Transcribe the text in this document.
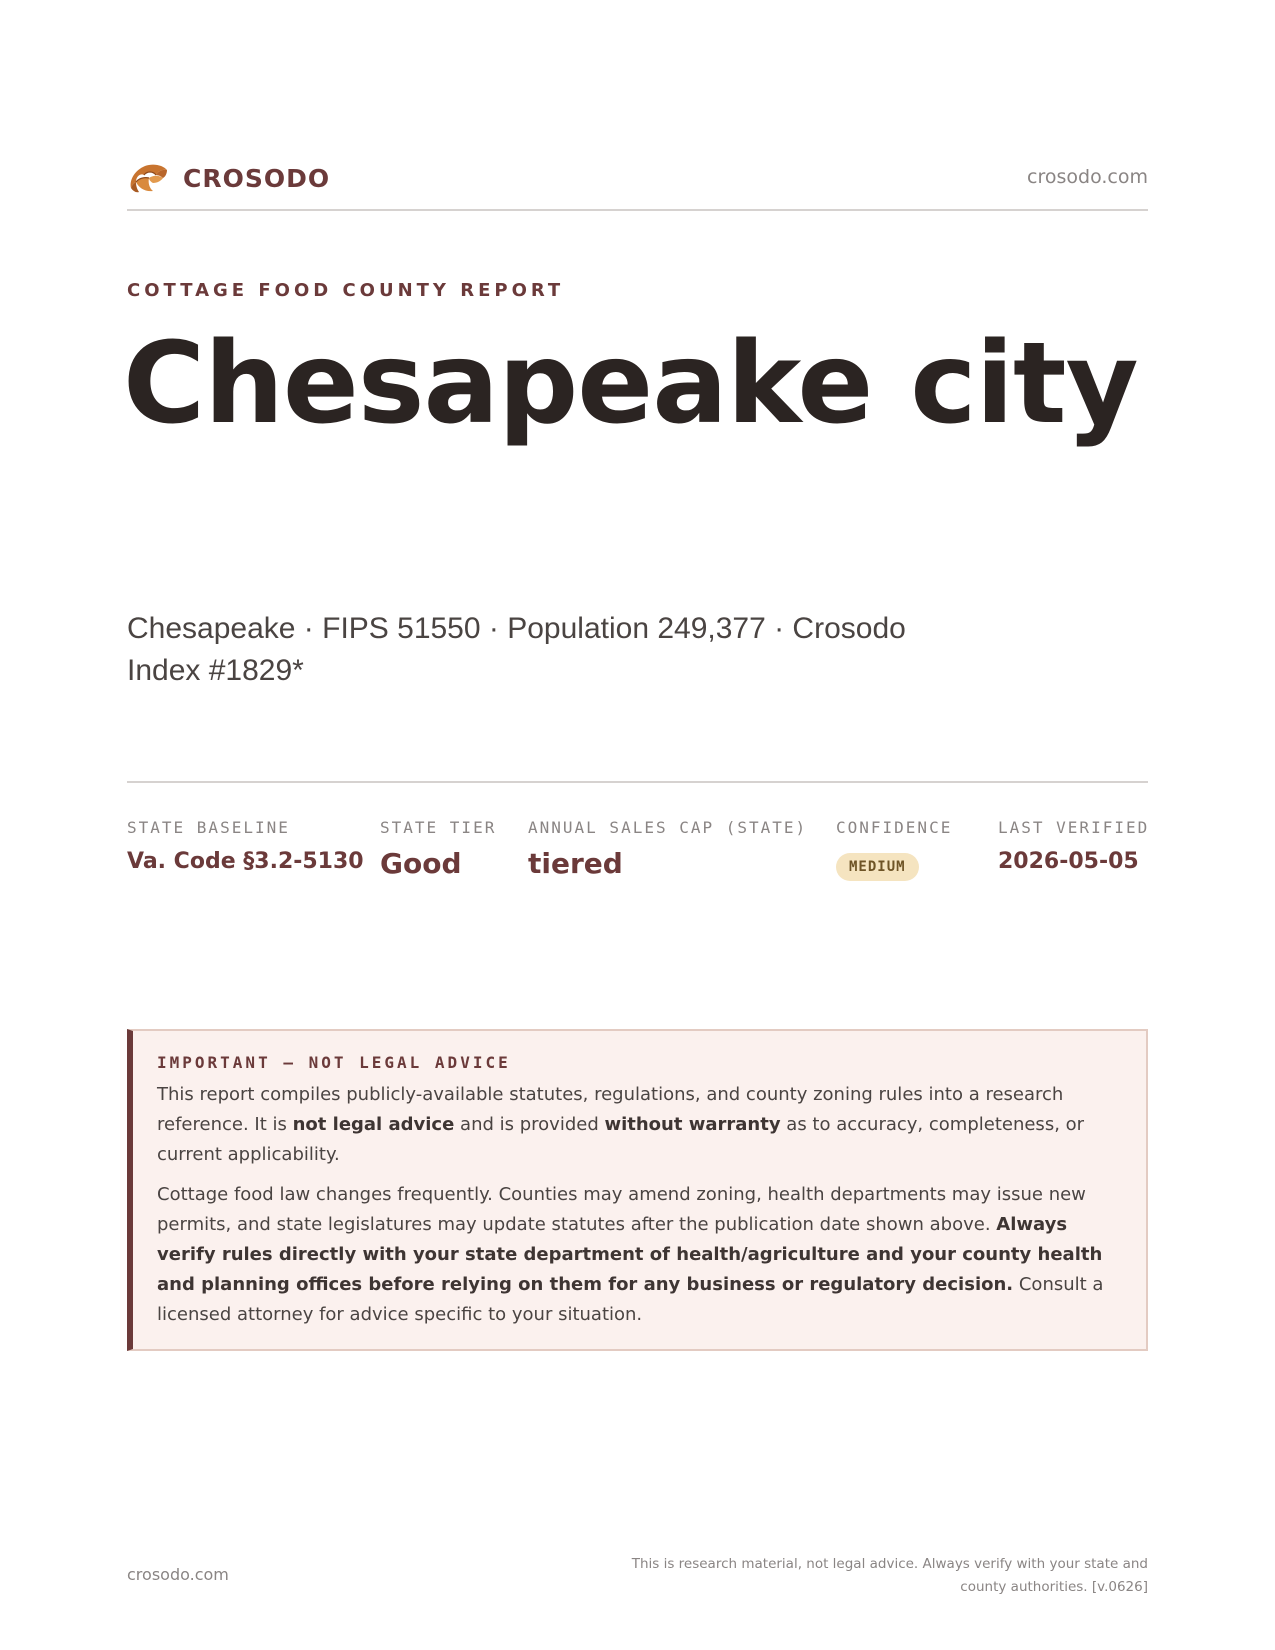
CROSODO	crosodo.com
COTTAGE FOOD COUNTY REPORT
Chesapeake city
Chesapeake · FIPS 51550 · Population 249,377 · Crosodo Index #1829*
STATE BASELINE
Va. Code §3.2-5130
STATE TIER
Good
ANNUAL SALES CAP (STATE)
tiered
CONFIDENCE
MEDIUM
LAST VERIFIED
2026-05-05
IMPORTANT — NOT LEGAL ADVICE

This report compiles publicly-available statutes, regulations, and county zoning rules into a research reference. It is not legal advice and is provided without warranty as to accuracy, completeness, or current applicability.

Cottage food law changes frequently. Counties may amend zoning, health departments may issue new permits, and state legislatures may update statutes after the publication date shown above. Always verify rules directly with your state department of health/agriculture and your county health and planning offices before relying on them for any business or regulatory decision. Consult a licensed attorney for advice specific to your situation.

crosodo.com
This is research material, not legal advice. Always verify with your state and county authorities. [v.0626]
